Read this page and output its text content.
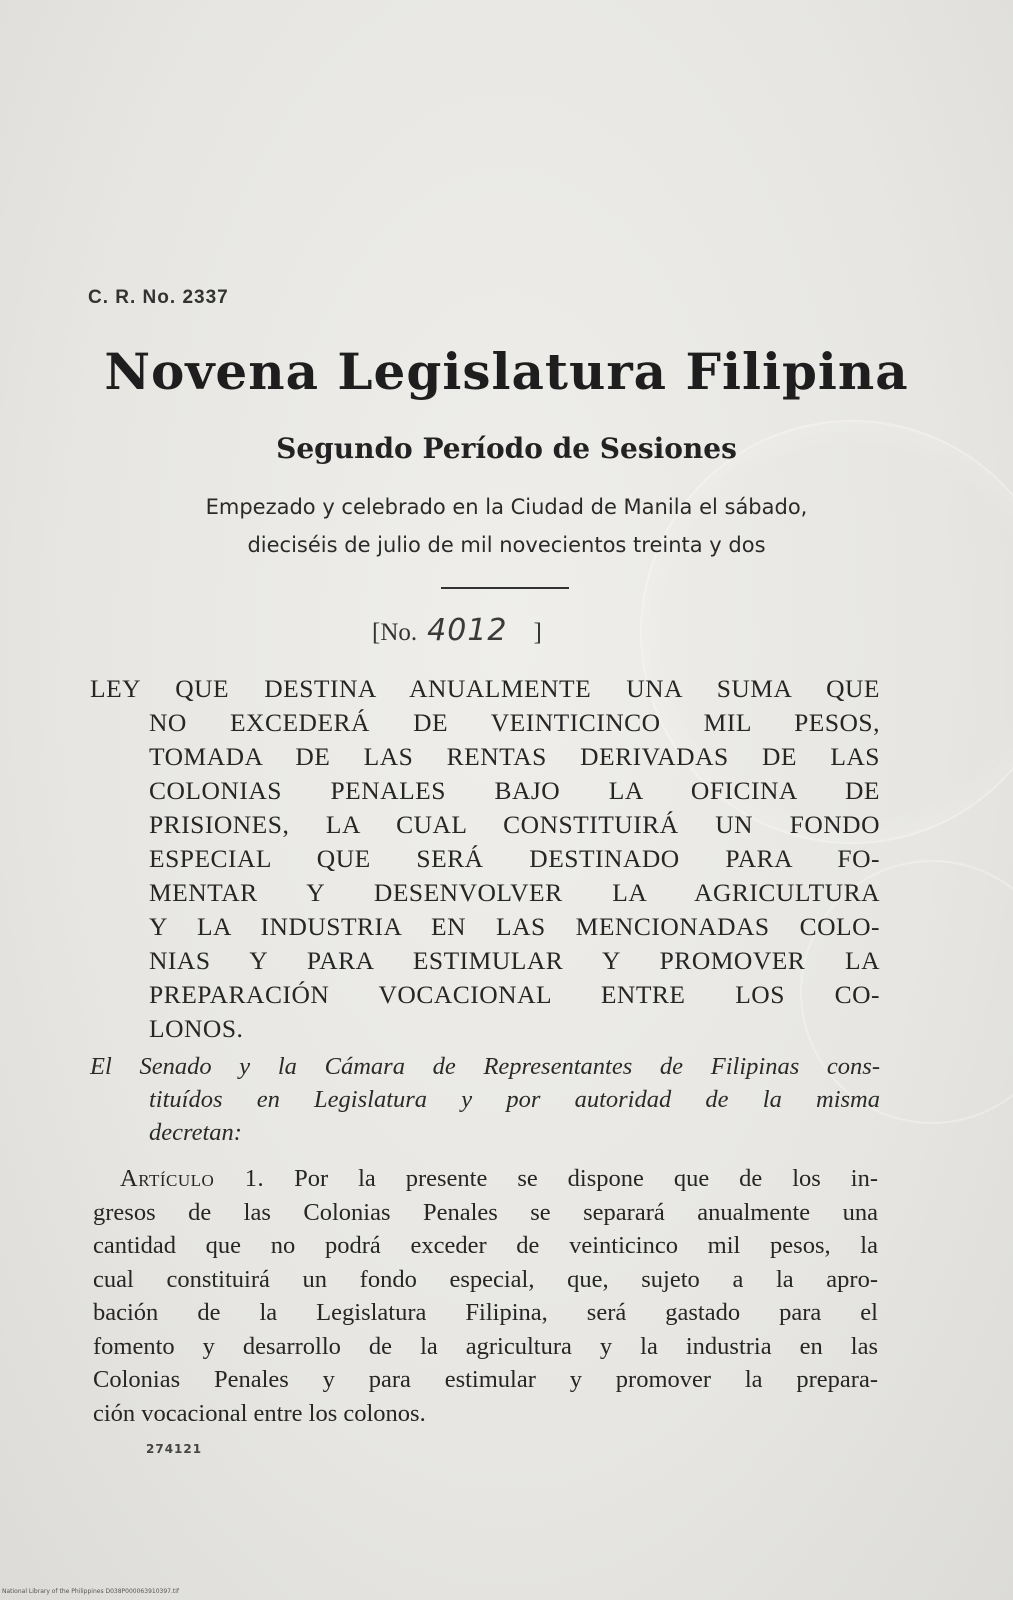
C. R. No. 2337
Novena Legislatura Filipina
Segundo Período de Sesiones
Empezado y celebrado en la Ciudad de Manila el sábado,
dieciséis de julio de mil novecientos treinta y dos
[No. 4012 ]
LEY QUE DESTINA ANUALMENTE UNA SUMA QUE
NO EXCEDERÁ DE VEINTICINCO MIL PESOS,
TOMADA DE LAS RENTAS DERIVADAS DE LAS
COLONIAS PENALES BAJO LA OFICINA DE
PRISIONES, LA CUAL CONSTITUIRÁ UN FONDO
ESPECIAL QUE SERÁ DESTINADO PARA FO-
MENTAR Y DESENVOLVER LA AGRICULTURA
Y LA INDUSTRIA EN LAS MENCIONADAS COLO-
NIAS Y PARA ESTIMULAR Y PROMOVER LA
PREPARACIÓN VOCACIONAL ENTRE LOS CO-
LONOS.
El Senado y la Cámara de Representantes de Filipinas cons-
tituídos en Legislatura y por autoridad de la misma
decretan:
Artículo 1. Por la presente se dispone que de los in-
gresos de las Colonias Penales se separará anualmente una
cantidad que no podrá exceder de veinticinco mil pesos, la
cual constituirá un fondo especial, que, sujeto a la apro-
bación de la Legislatura Filipina, será gastado para el
fomento y desarrollo de la agricultura y la industria en las
Colonias Penales y para estimular y promover la prepara-
ción vocacional entre los colonos.
274121
National Library of the Philippines D038P000063910397.tif
